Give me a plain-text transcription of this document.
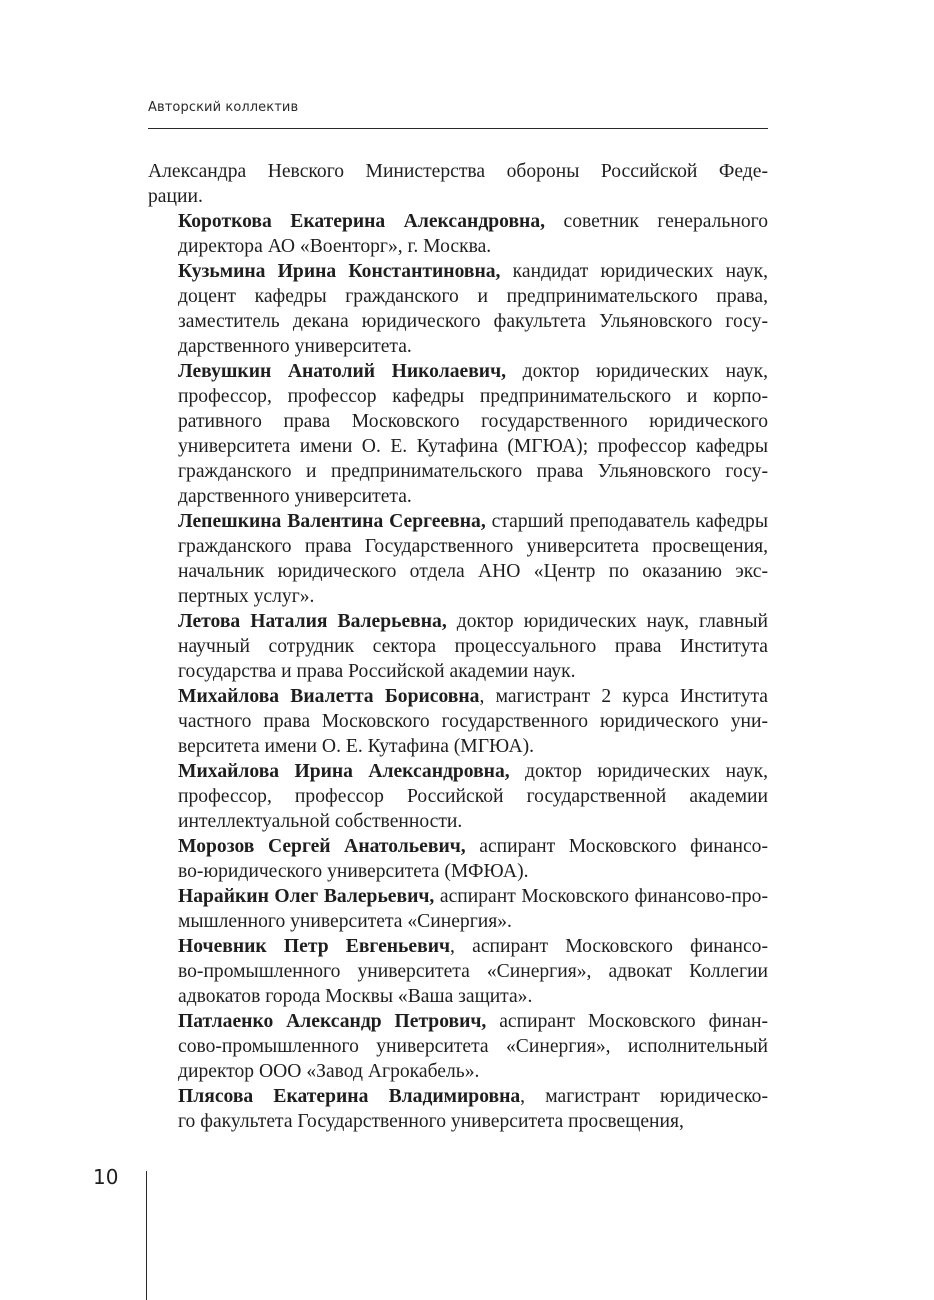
Авторский коллектив

Александра Невского Министерства обороны Российской Феде-
рации.

Короткова Екатерина Александровна, советник генерального
директора АО «Военторг», г. Москва.

Кузьмина Ирина Константиновна, кандидат юридических наук,
доцент кафедры гражданского и предпринимательского права,
заместитель декана юридического факультета Ульяновского госу-
дарственного университета.

Левушкин Анатолий Николаевич, доктор юридических наук,
профессор, профессор кафедры предпринимательского и корпо-
ративного права Московского государственного юридического
университета имени О. Е. Кутафина (МГЮА); профессор кафедры
гражданского и предпринимательского права Ульяновского госу-
дарственного университета.

Лепешкина Валентина Сергеевна, старший преподаватель кафедры
гражданского права Государственного университета просвещения,
начальник юридического отдела АНО «Центр по оказанию экс-
пертных услуг».

Летова Наталия Валерьевна, доктор юридических наук, главный
научный сотрудник сектора процессуального права Института
государства и права Российской академии наук.

Михайлова Виалетта Борисовна, магистрант 2 курса Института
частного права Московского государственного юридического уни-
верситета имени О. Е. Кутафина (МГЮА).

Михайлова Ирина Александровна, доктор юридических наук,
профессор, профессор Российской государственной академии
интеллектуальной собственности.

Морозов Сергей Анатольевич, аспирант Московского финансо-
во-юридического университета (МФЮА).

Нарайкин Олег Валерьевич, аспирант Московского финансово-про-
мышленного университета «Синергия».

Ночевник Петр Евгеньевич, аспирант Московского финансо-
во-промышленного университета «Синергия», адвокат Коллегии
адвокатов города Москвы «Ваша защита».

Патлаенко Александр Петрович, аспирант Московского финан-
сово-промышленного университета «Синергия», исполнительный
директор ООО «Завод Агрокабель».

Плясова Екатерина Владимировна, магистрант юридическо-
го факультета Государственного университета просвещения,

10
